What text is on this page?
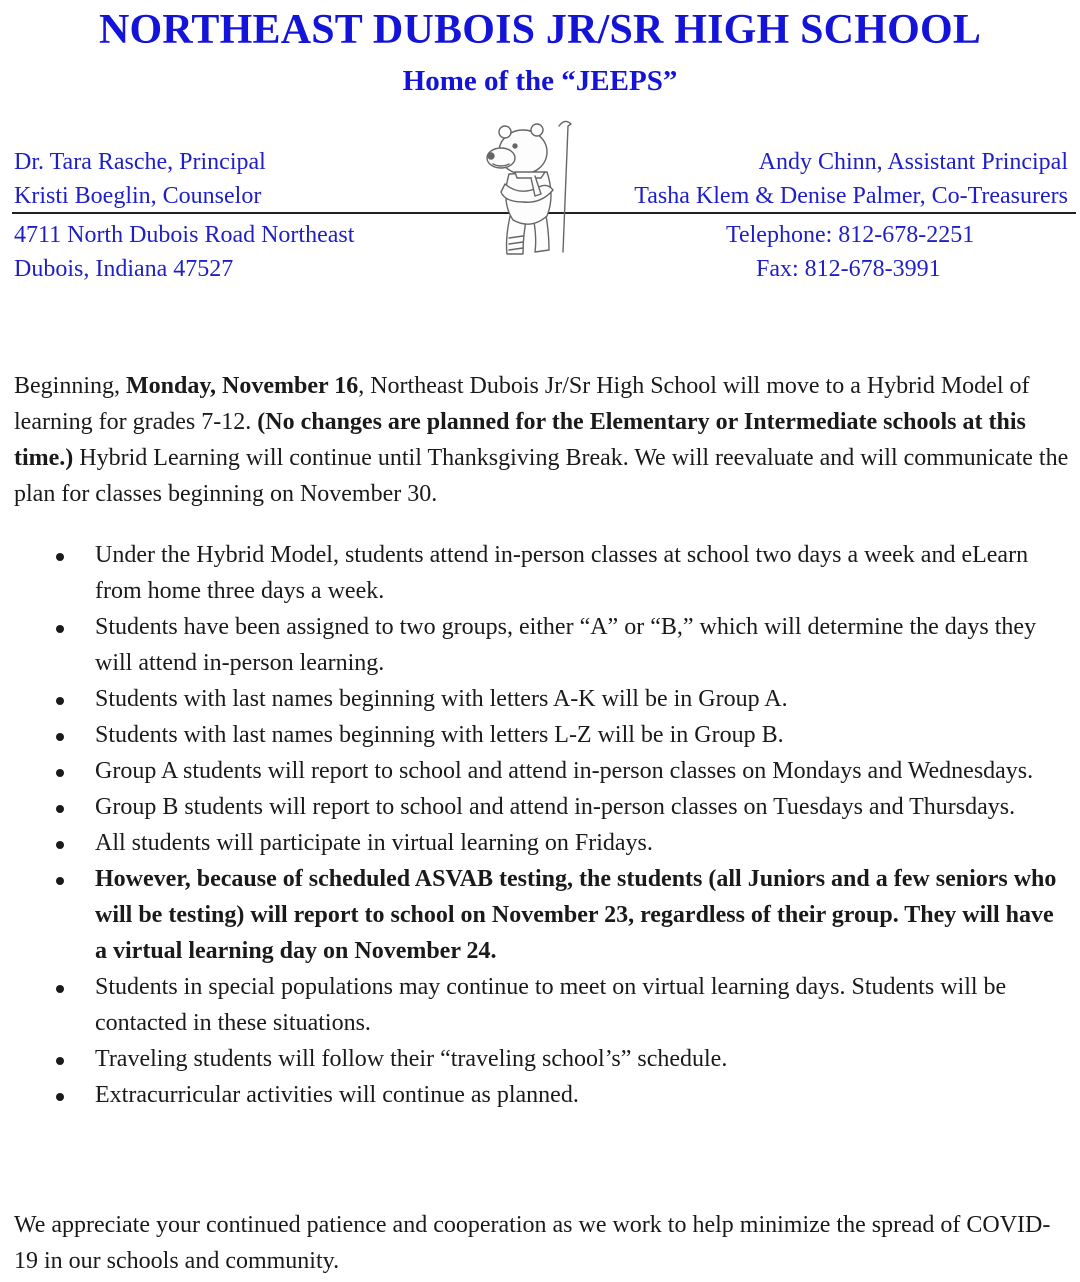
NORTHEAST DUBOIS JR/SR HIGH SCHOOL
Home of the “JEEPS”
Dr. Tara Rasche, Principal
Kristi Boeglin, Counselor
Andy Chinn, Assistant Principal
Tasha Klem & Denise Palmer, Co-Treasurers
4711 North Dubois Road Northeast
Dubois, Indiana 47527
Telephone: 812-678-2251
Fax: 812-678-3991
Beginning, Monday, November 16, Northeast Dubois Jr/Sr High School will move to a Hybrid Model of learning for grades 7-12. (No changes are planned for the Elementary or Intermediate schools at this time.) Hybrid Learning will continue until Thanksgiving Break. We will reevaluate and will communicate the plan for classes beginning on November 30.
Under the Hybrid Model, students attend in-person classes at school two days a week and eLearn from home three days a week.
Students have been assigned to two groups, either “A” or “B,” which will determine the days they will attend in-person learning.
Students with last names beginning with letters A-K will be in Group A.
Students with last names beginning with letters L-Z will be in Group B.
Group A students will report to school and attend in-person classes on Mondays and Wednesdays.
Group B students will report to school and attend in-person classes on Tuesdays and Thursdays.
All students will participate in virtual learning on Fridays.
However, because of scheduled ASVAB testing, the students (all Juniors and a few seniors who will be testing) will report to school on November 23, regardless of their group. They will have a virtual learning day on November 24.
Students in special populations may continue to meet on virtual learning days. Students will be contacted in these situations.
Traveling students will follow their “traveling school’s” schedule.
Extracurricular activities will continue as planned.
We appreciate your continued patience and cooperation as we work to help minimize the spread of COVID-19 in our schools and community.
